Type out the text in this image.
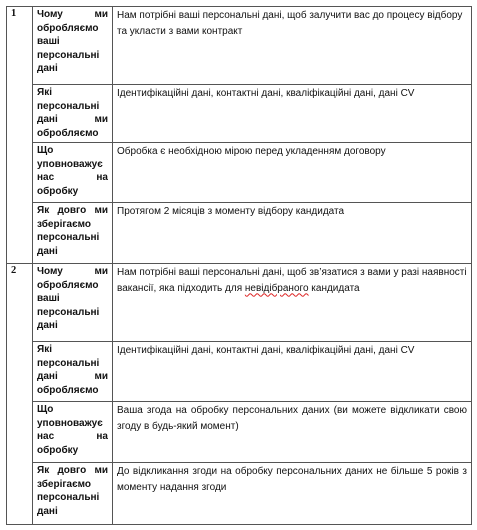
1	Чому ми обробляємо ваші персональні дані	Нам потрібні ваші персональні дані, щоб залучити вас до процесу відбору та укласти з вами контракт
	Які персональні дані ми обробляємо	Ідентифікаційні дані, контактні дані, кваліфікаційні дані, дані CV
	Що уповноважує нас на обробку	Обробка є необхідною мірою перед укладенням договору
	Як довго ми зберігаємо персональні дані	Протягом 2 місяців з моменту відбору кандидата
2	Чому ми обробляємо ваші персональні дані	Нам потрібні ваші персональні дані, щоб зв’язатися з вами у разі наявності вакансії, яка підходить для невідібраного кандидата
	Які персональні дані ми обробляємо	Ідентифікаційні дані, контактні дані, кваліфікаційні дані, дані CV
	Що уповноважує нас на обробку	Ваша згода на обробку персональних даних (ви можете відкликати свою згоду в будь-який момент)
	Як довго ми зберігаємо персональні дані	До відкликання згоди на обробку персональних даних не більше 5 років з моменту надання згоди
